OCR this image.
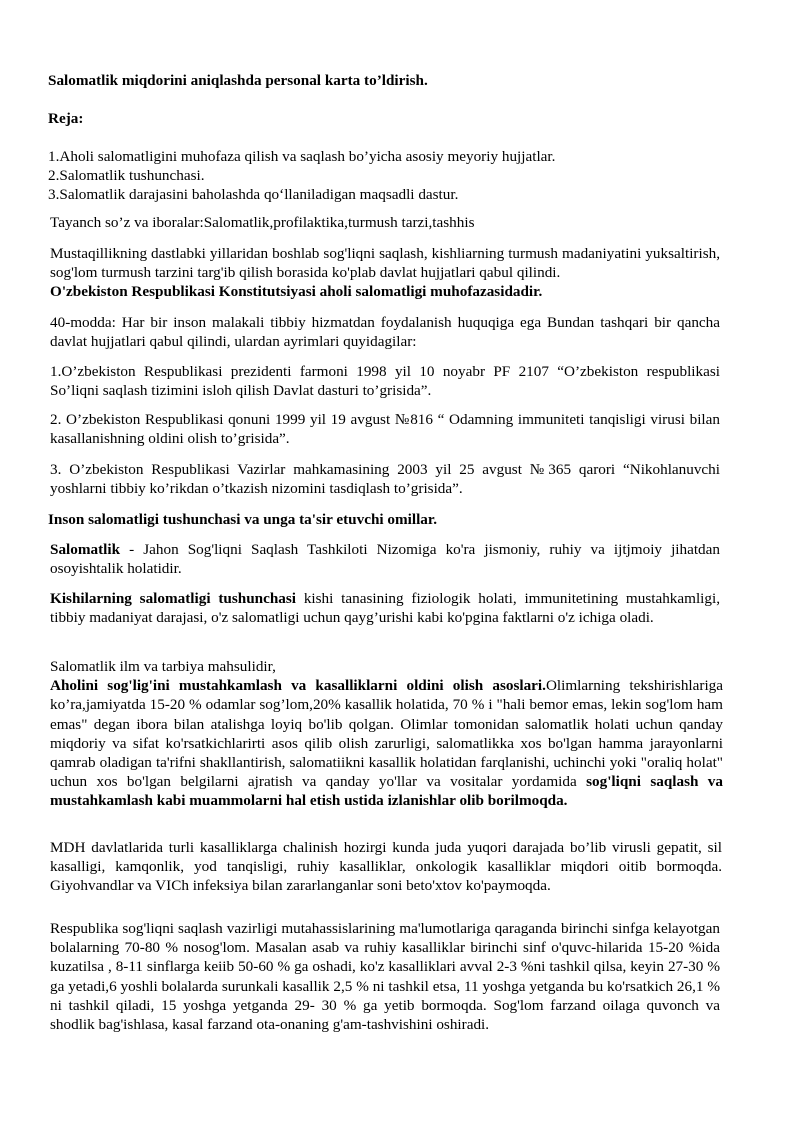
Salomatlik miqdorini aniqlashda personal karta to’ldirish.
Reja:
1.Aholi salomatligini muhofaza qilish va saqlash bo’yicha asosiy meyoriy hujjatlar.
2.Salomatlik tushunchasi.
3.Salomatlik darajasini baholashda qo‘llaniladigan maqsadli dastur.
Tayanch so’z va iboralar:Salomatlik,profilaktika,turmush tarzi,tashhis
Mustaqillikning dastlabki yillaridan boshlab sog'liqni saqlash, kishliarning turmush madaniyatini yuksaltirish, sog'lom turmush tarzini targ'ib qilish borasida ko'plab davlat hujjatlari qabul qilindi.
O'zbekiston Respublikasi Konstitutsiyasi aholi salomatligi muhofazasidadir.
40-modda: Har bir inson malakali tibbiy hizmatdan foydalanish huquqiga ega Bundan tashqari bir qancha davlat hujjatlari qabul qilindi, ulardan ayrimlari quyidagilar:
1.O’zbekiston Respublikasi prezidenti farmoni 1998 yil 10 noyabr PF 2107 “O’zbekiston respublikasi So’liqni saqlash tizimini isloh qilish Davlat dasturi to’grisida”.
2. O’zbekiston Respublikasi qonuni 1999 yil 19 avgust №816 “ Odamning immuniteti tanqisligi virusi bilan kasallanishning oldini olish to’grisida”.
3. O’zbekiston Respublikasi Vazirlar mahkamasining 2003 yil 25 avgust №365 qarori “Nikohlanuvchi yoshlarni tibbiy ko’rikdan o’tkazish nizomini tasdiqlash to’grisida”.
Inson salomatligi tushunchasi va unga ta'sir etuvchi omillar.
Salomatlik - Jahon Sog'liqni Saqlash Tashkiloti Nizomiga ko'ra jismoniy, ruhiy va ijtjmoiy jihatdan osoyishtalik holatidir.
Kishilarning salomatligi tushunchasi kishi tanasining fiziologik holati, immunitetining mustahkamligi, tibbiy madaniyat darajasi, o'z salomatligi uchun qayg’urishi kabi ko'pgina faktlarni o'z ichiga oladi.
Salomatlik ilm va tarbiya mahsulidir,
Aholini sog'lig'ini mustahkamlash va kasalliklarni oldini olish asoslari.Olimlarning tekshirishlariga ko’ra,jamiyatda 15-20 % odamlar sog’lom,20% kasallik holatida, 70 % i "hali bemor emas, lekin sog'lom ham emas" degan ibora bilan atalishga loyiq bo'lib qolgan. Olimlar tomonidan salomatlik holati uchun qanday miqdoriy va sifat ko'rsatkichlarirti asos qilib olish zarurligi, salomatlikka xos bo'lgan hamma jarayonlarni qamrab oladigan ta'rifni shakllantirish, salomatiikni kasallik holatidan farqlanishi, uchinchi yoki "oraliq holat" uchun xos bo'lgan belgilarni ajratish va qanday yo'llar va vositalar yordamida sog'liqni saqlash va mustahkamlash kabi muammolarni hal etish ustida izlanishlar olib borilmoqda.
MDH davlatlarida turli kasalliklarga chalinish hozirgi kunda juda yuqori darajada bo’lib virusli gepatit, sil kasalligi, kamqonlik, yod tanqisligi, ruhiy kasalliklar, onkologik kasalliklar miqdori oitib bormoqda. Giyohvandlar va VICh infeksiya bilan zararlanganlar soni beto'xtov ko'paymoqda.
Respublika sog'liqni saqlash vazirligi mutahassislarining ma'lumotlariga qaraganda birinchi sinfga kelayotgan bolalarning 70-80 % nosog'lom. Masalan asab va ruhiy kasalliklar birinchi sinf o'quvc-hilarida 15-20 %ida kuzatilsa , 8-11 sinflarga keiib 50-60 % ga oshadi, ko'z kasalliklari avval 2-3 %ni tashkil qilsa, keyin 27-30 % ga yetadi,6 yoshli bolalarda surunkali kasallik 2,5 % ni tashkil etsa, 11 yoshga yetganda bu ko'rsatkich 26,1 % ni tashkil qiladi, 15 yoshga yetganda 29- 30 % ga yetib bormoqda. Sog'lom farzand oilaga quvonch va shodlik bag'ishlasa, kasal farzand ota-onaning g'am-tashvishini oshiradi.
